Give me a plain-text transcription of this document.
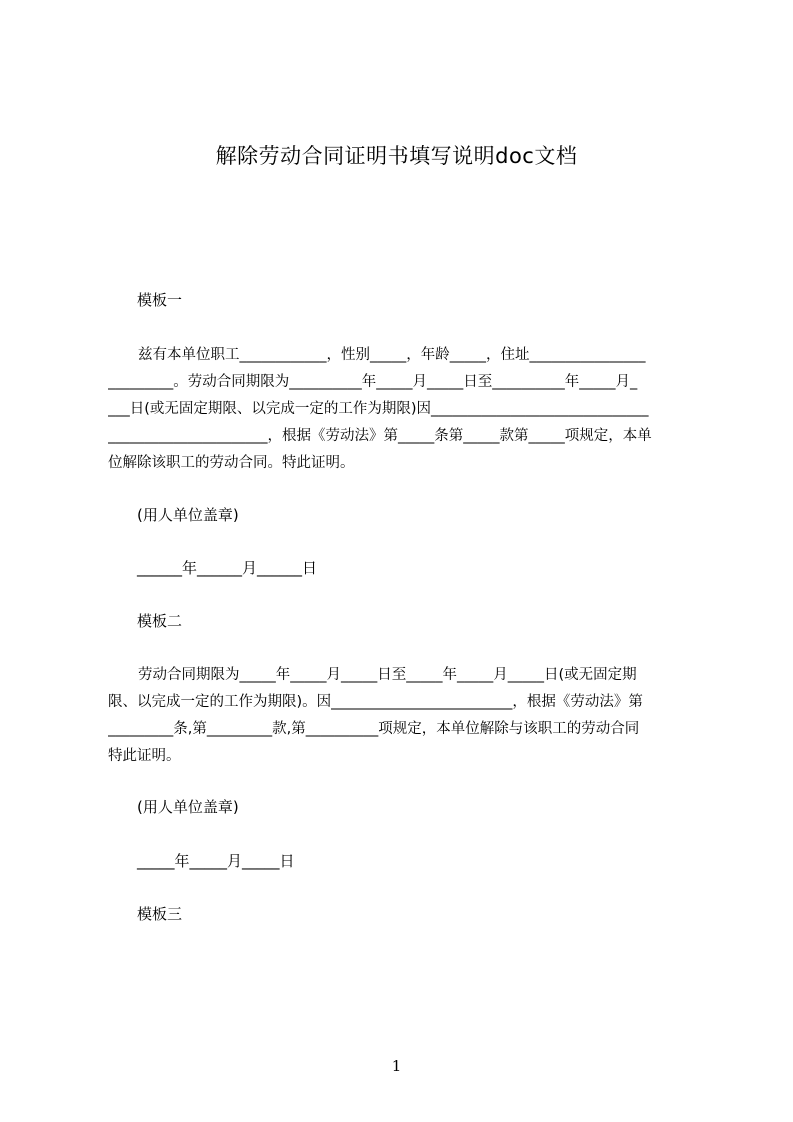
解除劳动合同证明书填写说明doc文档
模板一
兹有本单位职工____________，性别_____，年龄_____，住址________________
_________。劳动合同期限为__________年_____月_____日至__________年_____月_
___日(或无固定期限、以完成一定的工作为期限)因______________________________
______________________，根据《劳动法》第_____条第_____款第_____项规定，本单
位解除该职工的劳动合同。特此证明。
(用人单位盖章)
______年______月______日
模板二
劳动合同期限为_____年_____月_____日至_____年_____月_____日(或无固定期
限、以完成一定的工作为期限)。因_________________________，根据《劳动法》第
_________条,第_________款,第__________项规定，本单位解除与该职工的劳动合同
特此证明。
(用人单位盖章)
_____年_____月_____日
模板三
1
